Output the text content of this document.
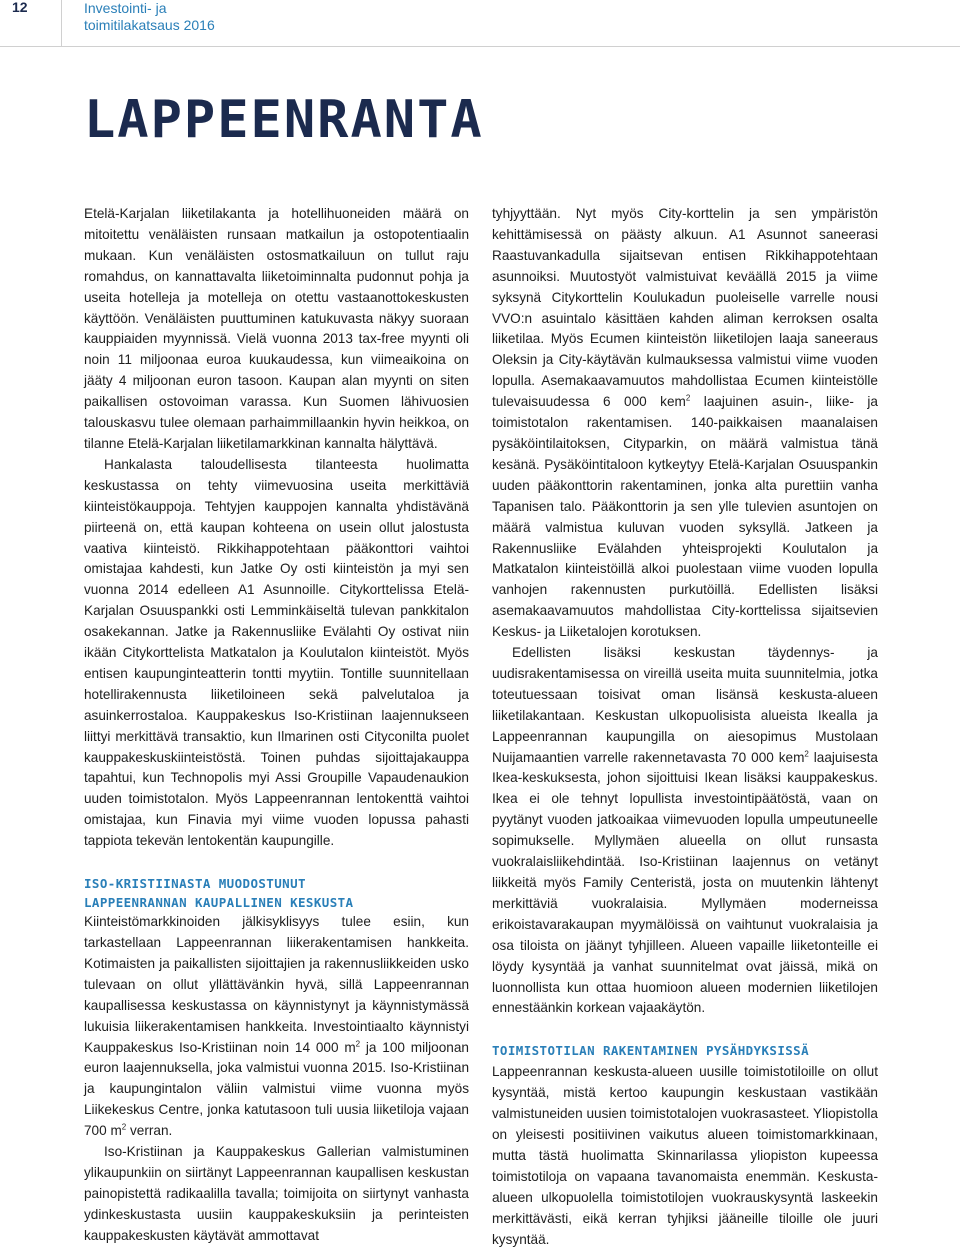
12	Investointi- ja
toimitilakatsaus 2016
LAPPEENRANTA

Etelä-Karjalan liiketilakanta ja hotellihuoneiden määrä on mitoitettu venäläisten runsaan matkailun ja ostopotentiaalin mukaan. Kun venäläisten ostosmatkailuun on tullut raju romahdus, on kannattavalta liiketoiminnalta pudonnut pohja ja useita hotelleja ja motelleja on otettu vastaanottokeskusten käyttöön. Venäläisten puuttuminen katukuvasta näkyy suoraan kauppiaiden myynnissä. Vielä vuonna 2013 tax-free myynti oli noin 11 miljoonaa euroa kuukaudessa, kun viimeaikoina on jääty 4 miljoonan euron tasoon. Kaupan alan myynti on siten paikallisen ostovoiman varassa. Kun Suomen lähivuosien talouskasvu tulee olemaan parhaimmillaankin hyvin heikkoa, on tilanne Etelä-Karjalan liiketilamarkkinan kannalta hälyttävä.

Hankalasta taloudellisesta tilanteesta huolimatta keskustassa on tehty viimevuosina useita merkittäviä kiinteistökauppoja. Tehtyjen kauppojen kannalta yhdistävänä piirteenä on, että kaupan kohteena on usein ollut jalostusta vaativa kiinteistö. Rikkihappotehtaan pääkonttori vaihtoi omistajaa kahdesti, kun Jatke Oy osti kiinteistön ja myi sen vuonna 2014 edelleen A1 Asunnoille. Citykorttelissa Etelä-Karjalan Osuuspankki osti Lemminkäiseltä tulevan pankkitalon osakekannan. Jatke ja Rakennusliike Evälahti Oy ostivat niin ikään Citykorttelista Matkatalon ja Koulutalon kiinteistöt. Myös entisen kaupunginteatterin tontti myytiin. Tontille suunnitellaan hotellirakennusta liiketiloineen sekä palvelutaloa ja asuinkerrostaloa. Kauppakeskus Iso-Kristiinan laajennukseen liittyi merkittävä transaktio, kun Ilmarinen osti Cityconilta puolet kauppakeskuskiinteistöstä. Toinen puhdas sijoittajakauppa tapahtui, kun Technopolis myi Assi Groupille Vapaudenaukion uuden toimistotalon. Myös Lappeenrannan lentokenttä vaihtoi omistajaa, kun Finavia myi viime vuoden lopussa pahasti tappiota tekevän lentokentän kaupungille.

ISO-KRISTIINASTA MUODOSTUNUT
LAPPEENRANNAN KAUPALLINEN KESKUSTA

Kiinteistömarkkinoiden jälkisyklisyys tulee esiin, kun tarkastellaan Lappeenrannan liikerakentamisen hankkeita. Kotimaisten ja paikallisten sijoittajien ja rakennusliikkeiden usko tulevaan on ollut yllättävänkin hyvä, sillä Lappeenrannan kaupallisessa keskustassa on käynnistynyt ja käynnistymässä lukuisia liikerakentamisen hankkeita. Investointiaalto käynnistyi Kauppakeskus Iso-Kristiinan noin 14 000 $m^2$ ja 100 miljoonan euron laajennuksella, joka valmistui vuonna 2015. Iso-Kristiinan ja kaupungintalon väliin valmistui viime vuonna myös Liikekeskus Centre, jonka katutasoon tuli uusia liiketiloja vajaan 700 $m^2$ verran.

Iso-Kristiinan ja Kauppakeskus Gallerian valmistuminen ylikaupunkiin on siirtänyt Lappeenrannan kaupallisen keskustan painopistettä radikaalilla tavalla; toimijoita on siirtynyt vanhasta ydinkeskustasta uusiin kauppakeskuksiin ja perinteisten kauppakeskusten käytävät ammottavat

tyhjyyttään. Nyt myös City-korttelin ja sen ympäristön kehittämisessä on päästy alkuun. A1 Asunnot saneerasi Raastuvankadulla sijaitsevan entisen Rikkihappotehtaan asunnoiksi. Muutostyöt valmistuivat keväällä 2015 ja viime syksynä Citykorttelin Koulukadun puoleiselle varrelle nousi VVO:n asuintalo käsittäen kahden aliman kerroksen osalta liiketilaa. Myös Ecumen kiinteistön liiketilojen laaja saneeraus Oleksin ja City-käytävän kulmauksessa valmistui viime vuoden lopulla. Asemakaavamuutos mahdollistaa Ecumen kiinteistölle tulevaisuudessa 6 000 kem$^2$ laajuinen asuin-, liike- ja toimistotalon rakentamisen. 140-paikkaisen maanalaisen pysäköintilaitoksen, Cityparkin, on määrä valmistua tänä kesänä. Pysäköintitaloon kytkeytyy Etelä-Karjalan Osuuspankin uuden pääkonttorin rakentaminen, jonka alta purettiin vanha Tapanisen talo. Pääkonttorin ja sen ylle tulevien asuntojen on määrä valmistua kuluvan vuoden syksyllä. Jatkeen ja Rakennusliike Evälahden yhteisprojekti Koulutalon ja Matkatalon kiinteistöillä alkoi puolestaan viime vuoden lopulla vanhojen rakennusten purkutöillä. Edellisten lisäksi asemakaavamuutos mahdollistaa City-korttelissa sijaitsevien Keskus- ja Liiketalojen korotuksen.

Edellisten lisäksi keskustan täydennys- ja uudisrakentamisessa on vireillä useita muita suunnitelmia, jotka toteutuessaan toisivat oman lisänsä keskusta-alueen liiketilakantaan. Keskustan ulkopuolisista alueista Ikealla ja Lappeenrannan kaupungilla on aiesopimus Mustolaan Nuijamaantien varrelle rakennetavasta 70 000 kem$^2$ laajuisesta Ikea-keskuksesta, johon sijoittuisi Ikean lisäksi kauppakeskus. Ikea ei ole tehnyt lopullista investointipäätöstä, vaan on pyytänyt vuoden jatkoaikaa viimevuoden lopulla umpeutuneelle sopimukselle. Myllymäen alueella on ollut runsasta vuokralaisliikehdintää. Iso-Kristiinan laajennus on vetänyt liikkeitä myös Family Centeristä, josta on muutenkin lähtenyt merkittäviä vuokralaisia. Myllymäen moderneissa erikoistavarakaupan myymälöissä on vaihtunut vuokralaisia ja osa tiloista on jäänyt tyhjilleen. Alueen vapaille liiketonteille ei löydy kysyntää ja vanhat suunnitelmat ovat jäissä, mikä on luonnollista kun ottaa huomioon alueen modernien liiketilojen ennestäänkin korkean vajaakäytön.

TOIMISTOTILAN RAKENTAMINEN PYSÄHDYKSISSÄ

Lappeenrannan keskusta-alueen uusille toimistotiloille on ollut kysyntää, mistä kertoo kaupungin keskustaan vastikään valmistuneiden uusien toimistotalojen vuokrasasteet. Yliopistolla on yleisesti positiivinen vaikutus alueen toimistomarkkinaan, mutta tästä huolimatta Skinnarilassa yliopiston kupeessa toimistotiloja on vapaana tavanomaista enemmän. Keskusta-alueen ulkopuolella toimistotilojen vuokrauskysyntä laskeekin merkittävästi, eikä kerran tyhjiksi jääneille tiloille ole juuri kysyntää.
